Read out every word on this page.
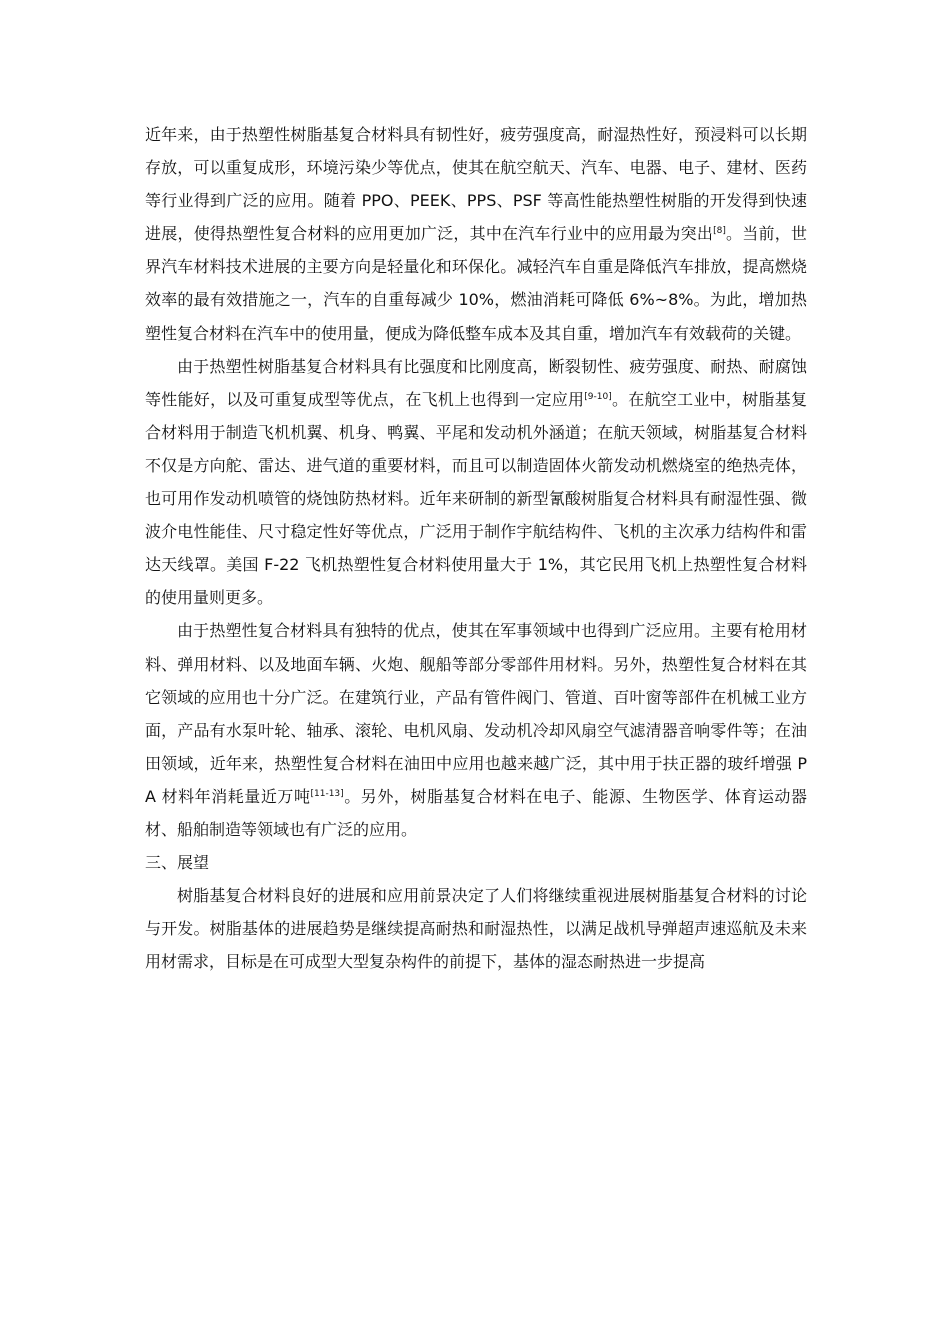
近年来，由于热塑性树脂基复合材料具有韧性好，疲劳强度高，耐湿热性好，预浸料可以长期存放，可以重复成形，环境污染少等优点，使其在航空航天、汽车、电器、电子、建材、医药等行业得到广泛的应用。随着 PPO、PEEK、PPS、PSF 等高性能热塑性树脂的开发得到快速进展，使得热塑性复合材料的应用更加广泛，其中在汽车行业中的应用最为突出[8]。当前，世界汽车材料技术进展的主要方向是轻量化和环保化。减轻汽车自重是降低汽车排放，提高燃烧效率的最有效措施之一，汽车的自重每减少 10%，燃油消耗可降低 6%~8%。为此，增加热塑性复合材料在汽车中的使用量，便成为降低整车成本及其自重，增加汽车有效载荷的关键。

由于热塑性树脂基复合材料具有比强度和比刚度高，断裂韧性、疲劳强度、耐热、耐腐蚀等性能好，以及可重复成型等优点，在飞机上也得到一定应用[9-10]。在航空工业中，树脂基复合材料用于制造飞机机翼、机身、鸭翼、平尾和发动机外涵道；在航天领域，树脂基复合材料不仅是方向舵、雷达、进气道的重要材料，而且可以制造固体火箭发动机燃烧室的绝热壳体，也可用作发动机喷管的烧蚀防热材料。近年来研制的新型氰酸树脂复合材料具有耐湿性强、微波介电性能佳、尺寸稳定性好等优点，广泛用于制作宇航结构件、飞机的主次承力结构件和雷达天线罩。美国 F-22 飞机热塑性复合材料使用量大于 1%，其它民用飞机上热塑性复合材料的使用量则更多。

由于热塑性复合材料具有独特的优点，使其在军事领域中也得到广泛应用。主要有枪用材料、弹用材料、以及地面车辆、火炮、舰船等部分零部件用材料。另外，热塑性复合材料在其它领域的应用也十分广泛。在建筑行业，产品有管件阀门、管道、百叶窗等部件在机械工业方面，产品有水泵叶轮、轴承、滚轮、电机风扇、发动机冷却风扇空气滤清器音响零件等；在油田领域，近年来，热塑性复合材料在油田中应用也越来越广泛，其中用于扶正器的玻纤增强 PA 材料年消耗量近万吨[11-13]。另外，树脂基复合材料在电子、能源、生物医学、体育运动器材、船舶制造等领域也有广泛的应用。

三、展望

树脂基复合材料良好的进展和应用前景决定了人们将继续重视进展树脂基复合材料的讨论与开发。树脂基体的进展趋势是继续提高耐热和耐湿热性，以满足战机导弹超声速巡航及未来用材需求，目标是在可成型大型复杂构件的前提下，基体的湿态耐热进一步提高
